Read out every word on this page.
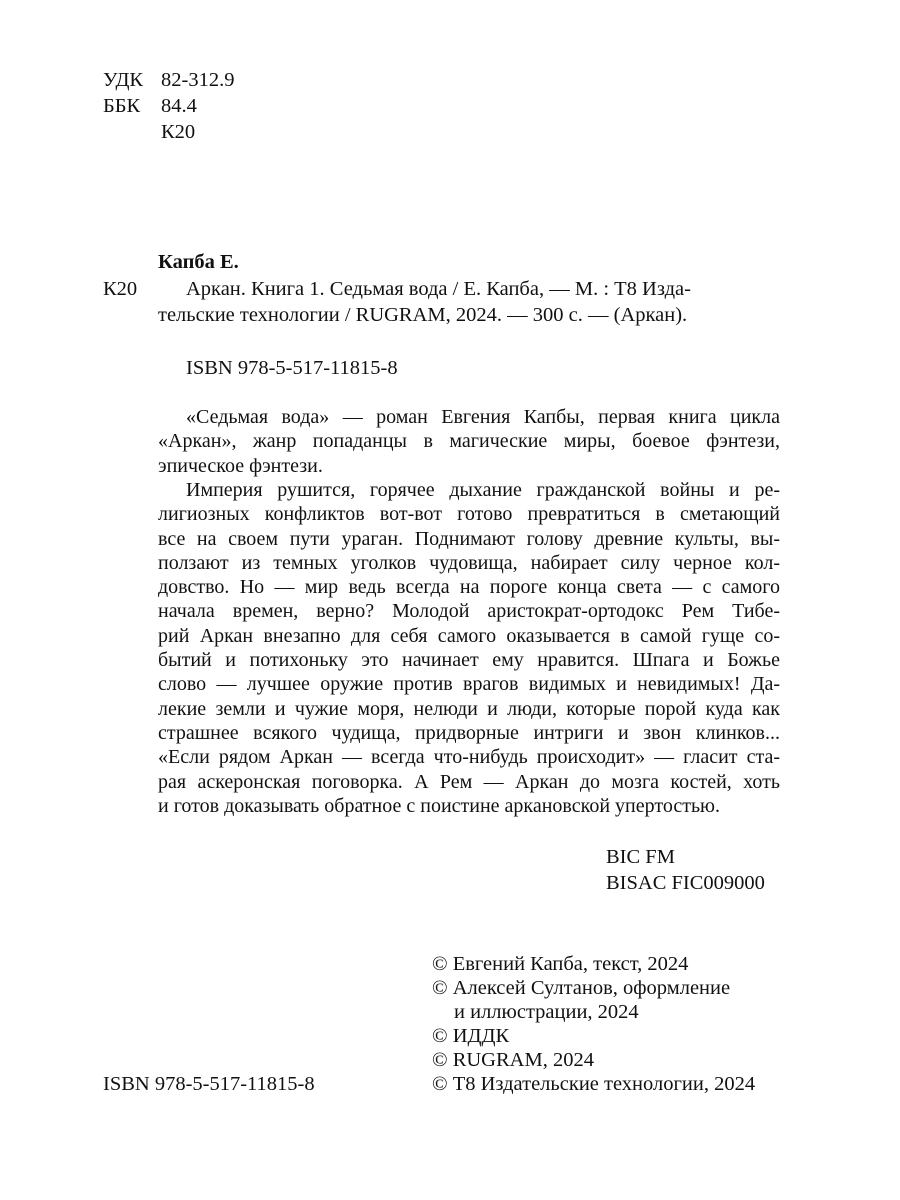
УДК 82-312.9
ББК 84.4
К20
Капба Е.
К20 Аркан. Книга 1. Седьмая вода / Е. Капба, — М. : Т8 Изда-
тельские технологии / RUGRAM, 2024. — 300 с. — (Аркан).
ISBN 978-5-517-11815-8
«Седьмая вода» — роман Евгения Капбы, первая книга цикла
«Аркан», жанр попаданцы в магические миры, боевое фэнтези,
эпическое фэнтези.
Империя рушится, горячее дыхание гражданской войны и ре-
лигиозных конфликтов вот-вот готово превратиться в сметающий
все на своем пути ураган. Поднимают голову древние культы, вы-
ползают из темных уголков чудовища, набирает силу черное кол-
довство. Но — мир ведь всегда на пороге конца света — с самого
начала времен, верно? Молодой аристократ-ортодокс Рем Тибе-
рий Аркан внезапно для себя самого оказывается в самой гуще со-
бытий и потихоньку это начинает ему нравится. Шпага и Божье
слово — лучшее оружие против врагов видимых и невидимых! Да-
лекие земли и чужие моря, нелюди и люди, которые порой куда как
страшнее всякого чудища, придворные интриги и звон клинков...
«Если рядом Аркан — всегда что-нибудь происходит» — гласит ста-
рая аскеронская поговорка. А Рем — Аркан до мозга костей, хоть
и готов доказывать обратное с поистине аркановской упертостью.
BIC FM
BISAC FIC009000
© Евгений Капба, текст, 2024
© Алексей Султанов, оформление
и иллюстрации, 2024
© ИДДК
© RUGRAM, 2024
© Т8 Издательские технологии, 2024
ISBN 978-5-517-11815-8
